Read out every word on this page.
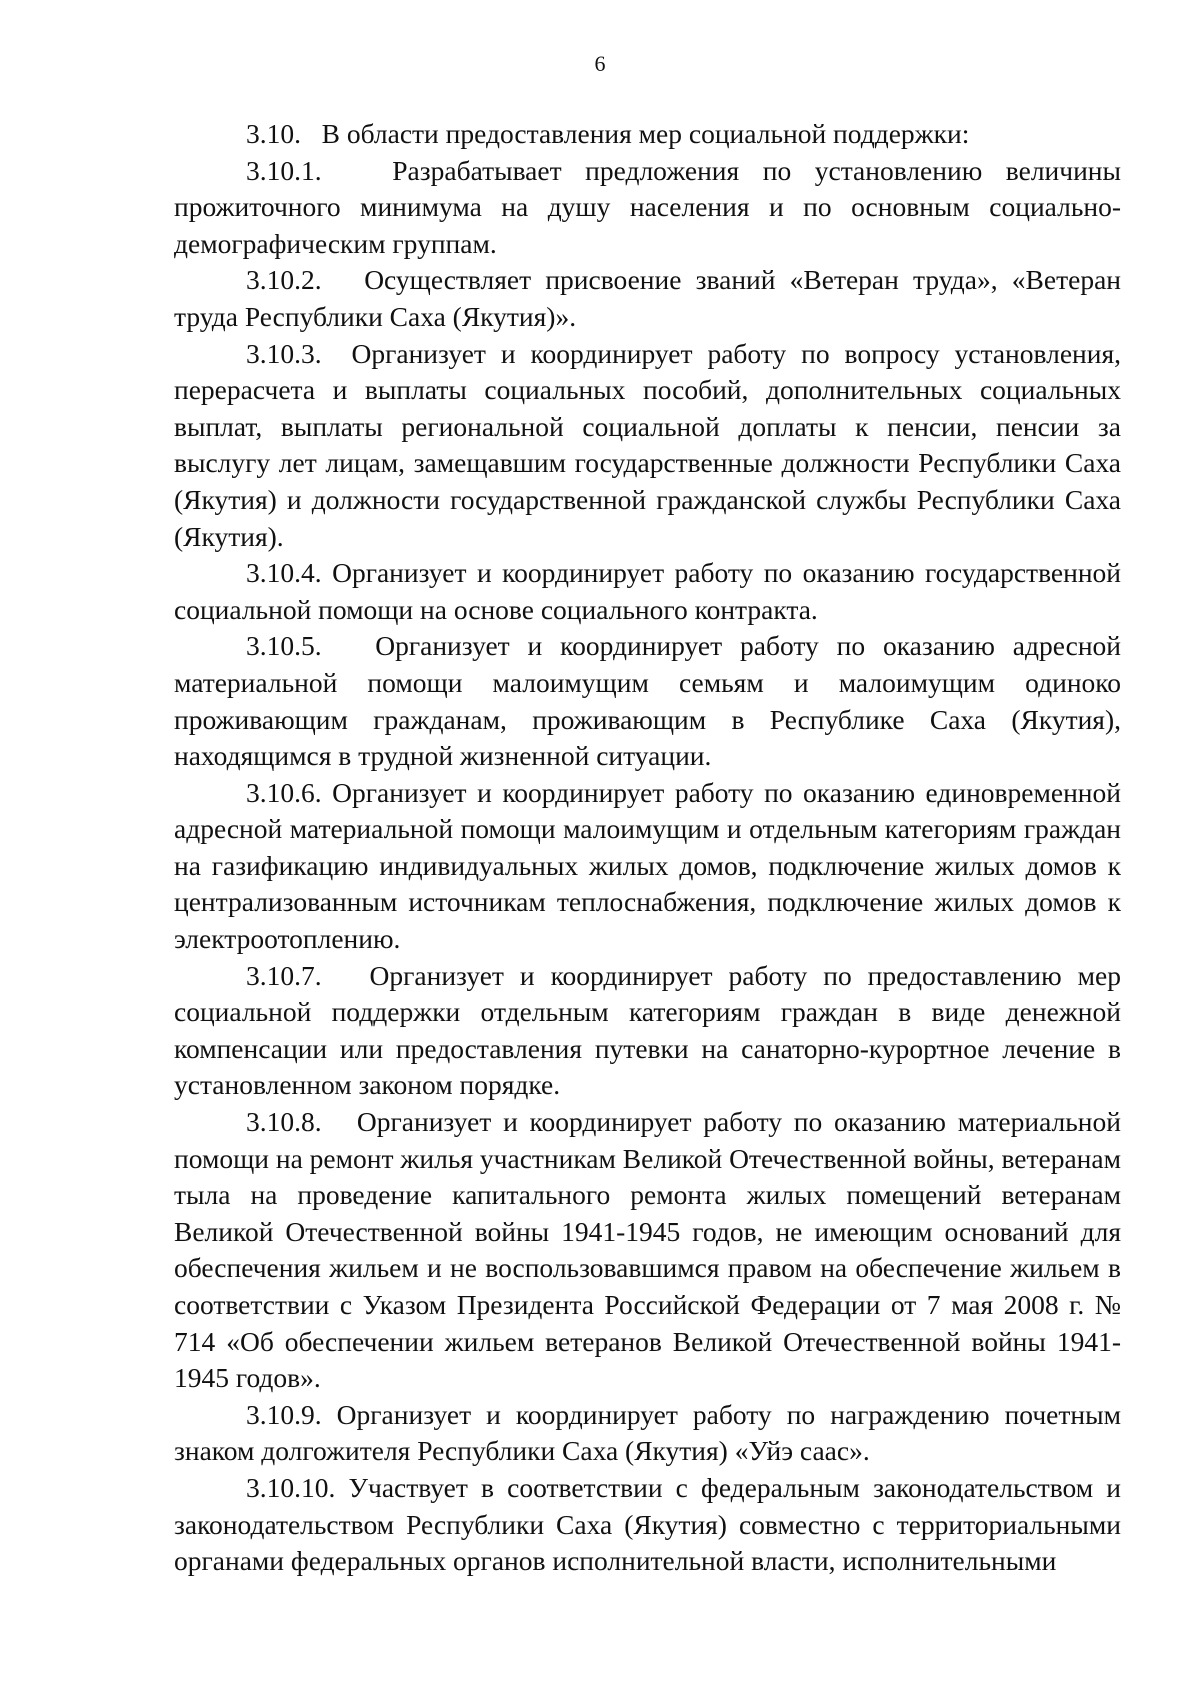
6

3.10. В области предоставления мер социальной поддержки:

3.10.1.	Разрабатывает предложения по установлению величины прожиточного минимума на душу населения и по основным социально-демографическим группам.

3.10.2. Осуществляет присвоение званий «Ветеран труда», «Ветеран труда Республики Саха (Якутия)».

3.10.3. Организует и координирует работу по вопросу установления, перерасчета и выплаты социальных пособий, дополнительных социальных выплат, выплаты региональной социальной доплаты к пенсии, пенсии за выслугу лет лицам, замещавшим государственные должности Республики Саха (Якутия) и должности государственной гражданской службы Республики Саха (Якутия).

3.10.4. Организует и координирует работу по оказанию государственной социальной помощи на основе социального контракта.

3.10.5. Организует и координирует работу по оказанию адресной материальной помощи малоимущим семьям и малоимущим одиноко проживающим гражданам, проживающим в Республике Саха (Якутия), находящимся в трудной жизненной ситуации.

3.10.6. Организует и координирует работу по оказанию единовременной адресной материальной помощи малоимущим и отдельным категориям граждан на газификацию индивидуальных жилых домов, подключение жилых домов к централизованным источникам теплоснабжения, подключение жилых домов к электроотоплению.

3.10.7. Организует и координирует работу по предоставлению мер социальной поддержки отдельным категориям граждан в виде денежной компенсации или предоставления путевки на санаторно-курортное лечение в установленном законом порядке.

3.10.8. Организует и координирует работу по оказанию материальной помощи на ремонт жилья участникам Великой Отечественной войны, ветеранам тыла на проведение капитального ремонта жилых помещений ветеранам Великой Отечественной войны 1941-1945 годов, не имеющим оснований для обеспечения жильем и не воспользовавшимся правом на обеспечение жильем в соответствии с Указом Президента Российской Федерации от 7 мая 2008 г. № 714 «Об обеспечении жильем ветеранов Великой Отечественной войны 1941-1945 годов».

3.10.9. Организует и координирует работу по награждению почетным знаком долгожителя Республики Саха (Якутия) «Уйэ саас».

3.10.10. Участвует в соответствии с федеральным законодательством и законодательством Республики Саха (Якутия) совместно с территориальными органами федеральных органов исполнительной власти, исполнительными
